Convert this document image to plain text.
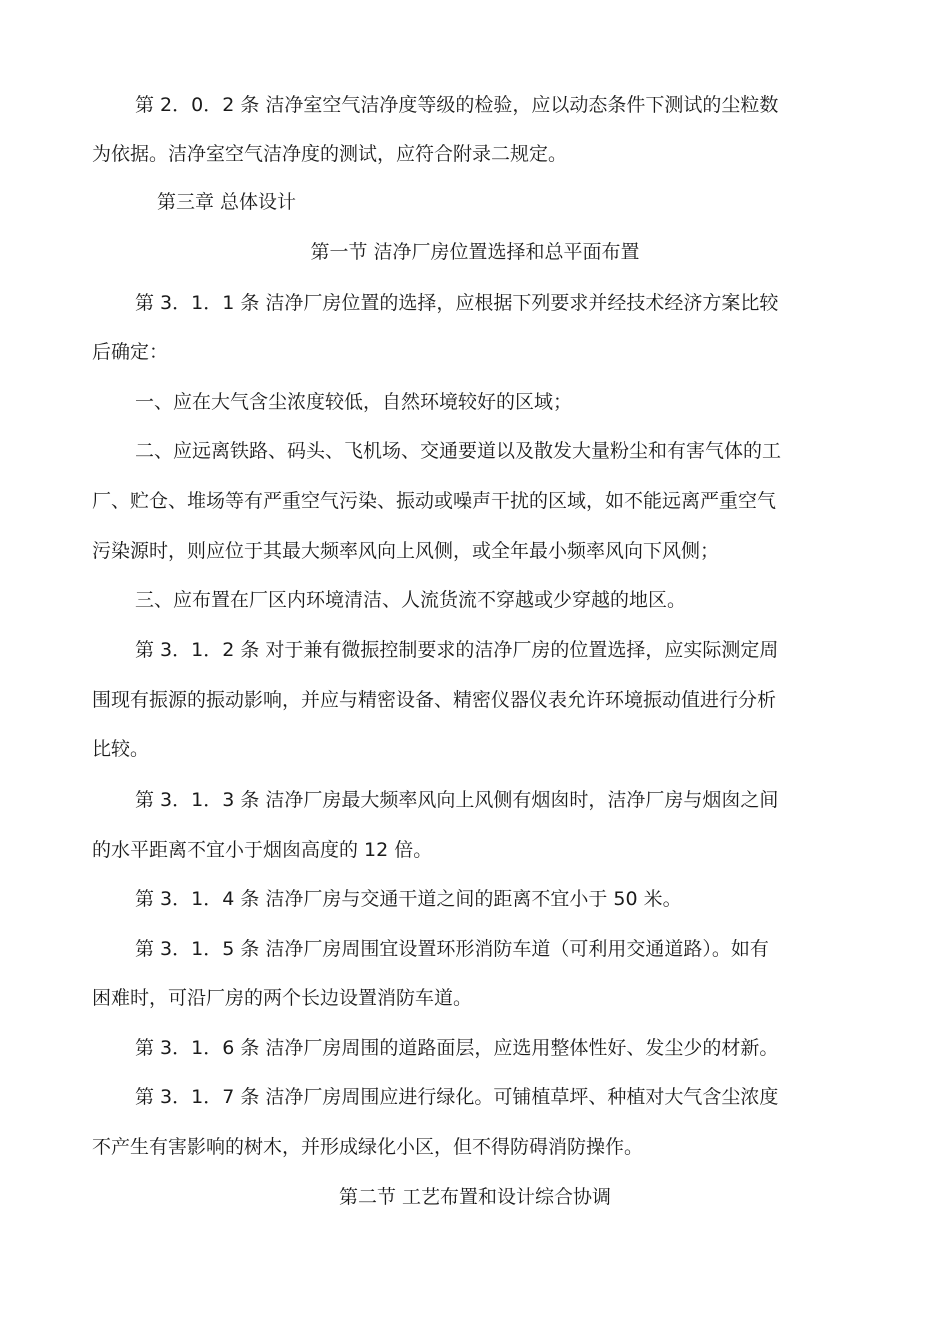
第 2．0．2 条 洁净室空气洁净度等级的检验，应以动态条件下测试的尘粒数

为依据。洁净室空气洁净度的测试，应符合附录二规定。

第三章 总体设计

第一节 洁净厂房位置选择和总平面布置

第 3．1．1 条 洁净厂房位置的选择，应根据下列要求并经技术经济方案比较

后确定：

一、应在大气含尘浓度较低，自然环境较好的区域；

二、应远离铁路、码头、飞机场、交通要道以及散发大量粉尘和有害气体的工

厂、贮仓、堆场等有严重空气污染、振动或噪声干扰的区域，如不能远离严重空气

污染源时，则应位于其最大频率风向上风侧，或全年最小频率风向下风侧；

三、应布置在厂区内环境清洁、人流货流不穿越或少穿越的地区。

第 3．1．2 条 对于兼有微振控制要求的洁净厂房的位置选择，应实际测定周

围现有振源的振动影响，并应与精密设备、精密仪器仪表允许环境振动值进行分析

比较。

第 3．1．3 条 洁净厂房最大频率风向上风侧有烟囱时，洁净厂房与烟囱之间

的水平距离不宜小于烟囱高度的 12 倍。

第 3．1．4 条 洁净厂房与交通干道之间的距离不宜小于 50 米。

第 3．1．5 条 洁净厂房周围宜设置环形消防车道（可利用交通道路）。如有

困难时，可沿厂房的两个长边设置消防车道。

第 3．1．6 条 洁净厂房周围的道路面层，应选用整体性好、发尘少的材新。

第 3．1．7 条 洁净厂房周围应进行绿化。可铺植草坪、种植对大气含尘浓度

不产生有害影响的树木，并形成绿化小区，但不得防碍消防操作。

第二节 工艺布置和设计综合协调
